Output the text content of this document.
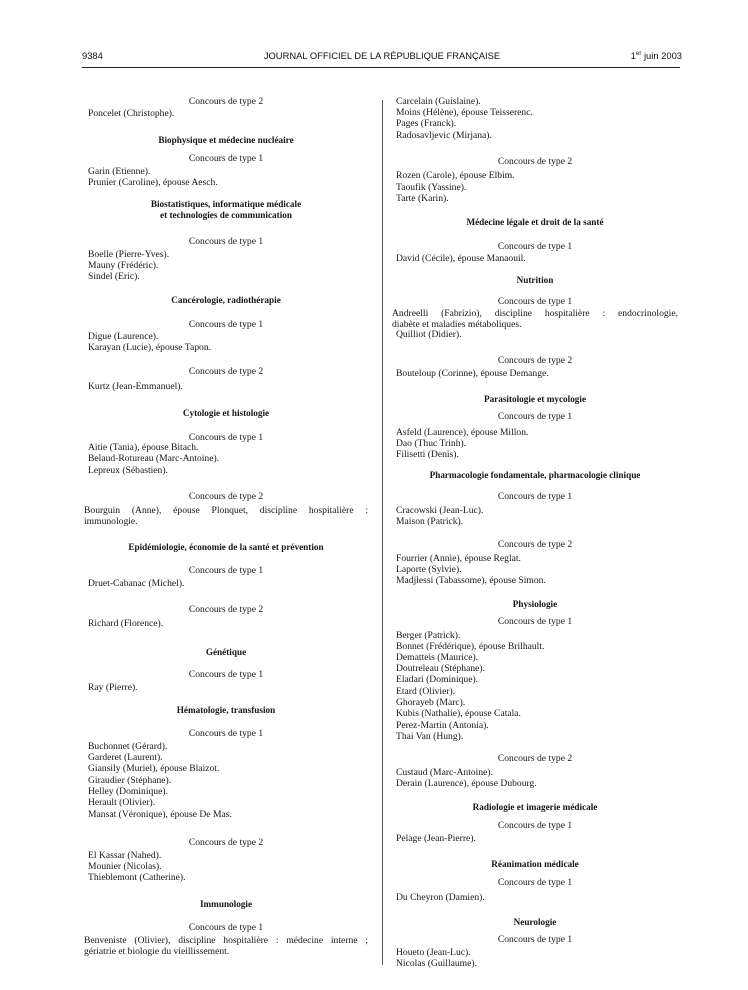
9384	JOURNAL OFFICIEL DE LA RÉPUBLIQUE FRANÇAISE	1er juin 2003
Concours de type 2
Poncelet (Christophe).
Biophysique et médecine nucléaire
Concours de type 1
Garin (Etienne).
Prunier (Caroline), épouse Aesch.
Biostatistiques, informatique médicale
et technologies de communication
Concours de type 1
Boelle (Pierre-Yves).
Mauny (Frédéric).
Sindel (Eric).
Cancérologie, radiothérapie
Concours de type 1
Digue (Laurence).
Karayan (Lucie), épouse Tapon.
Concours de type 2
Kurtz (Jean-Emmanuel).
Cytologie et histologie
Concours de type 1
Aitie (Tania), épouse Bitach.
Belaud-Rotureau (Marc-Antoine).
Lepreux (Sébastien).
Concours de type 2
Bourguin (Anne), épouse Plonquet, discipline hospitalière :
immunologie.
Epidémiologie, économie de la santé et prévention
Concours de type 1
Druet-Cabanac (Michel).
Concours de type 2
Richard (Florence).
Génétique
Concours de type 1
Ray (Pierre).
Hématologie, transfusion
Concours de type 1
Buchonnet (Gérard).
Garderet (Laurent).
Giansily (Muriel), épouse Blaizot.
Giraudier (Stéphane).
Helley (Dominique).
Herault (Olivier).
Mansat (Véronique), épouse De Mas.
Concours de type 2
El Kassar (Nahed).
Mounier (Nicolas).
Thieblemont (Catherine).
Immunologie
Concours de type 1
Benveniste (Olivier), discipline hospitalière : médecine interne ;
gériatrie et biologie du vieillissement.
Carcelain (Guislaine).
Moins (Hélène), épouse Teisserenc.
Pages (Franck).
Radosavljevic (Mirjana).
Concours de type 2
Rozen (Carole), épouse Elbim.
Taoufik (Yassine).
Tarte (Karin).
Médecine légale et droit de la santé
Concours de type 1
David (Cécile), épouse Manaouil.
Nutrition
Concours de type 1
Andreelli (Fabrizio), discipline hospitalière : endocrinologie,
diabète et maladies métaboliques.
Quilliot (Didier).
Concours de type 2
Bouteloup (Corinne), épouse Demange.
Parasitologie et mycologie
Concours de type 1
Asfeld (Laurence), épouse Millon.
Dao (Thuc Trinh).
Filisetti (Denis).
Pharmacologie fondamentale, pharmacologie clinique
Concours de type 1
Cracowski (Jean-Luc).
Maison (Patrick).
Concours de type 2
Fourrier (Annie), épouse Reglat.
Laporte (Sylvie).
Madjlessi (Tabassome), épouse Simon.
Physiologie
Concours de type 1
Berger (Patrick).
Bonnet (Frédérique), épouse Brilhault.
Dematteis (Maurice).
Doutreleau (Stéphane).
Eladari (Dominique).
Etard (Olivier).
Ghorayeb (Marc).
Kubis (Nathalie), épouse Catala.
Perez-Martin (Antonia).
Thai Van (Hung).
Concours de type 2
Custaud (Marc-Antoine).
Derain (Laurence), épouse Dubourg.
Radiologie et imagerie médicale
Concours de type 1
Pelage (Jean-Pierre).
Réanimation médicale
Concours de type 1
Du Cheyron (Damien).
Neurologie
Concours de type 1
Houeto (Jean-Luc).
Nicolas (Guillaume).
